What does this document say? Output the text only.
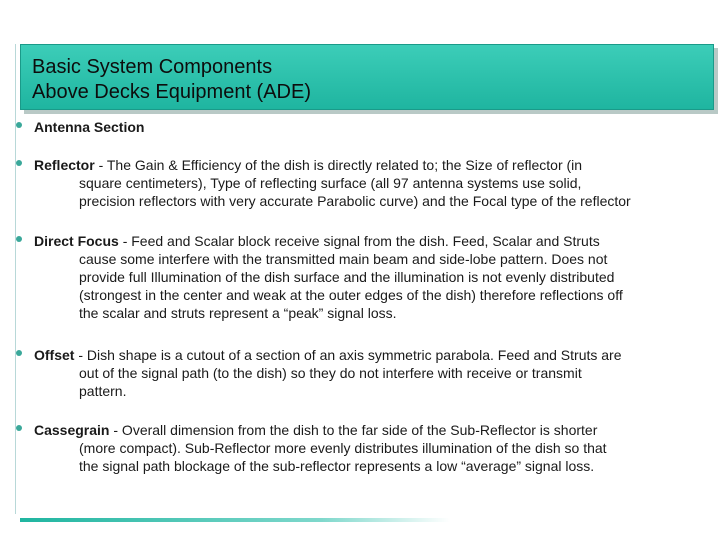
Basic System Components
Above Decks Equipment (ADE)
Antenna Section
Reflector - The Gain & Efficiency of the dish is directly related to; the Size of reflector (in
square centimeters), Type of reflecting surface (all 97 antenna systems use solid,
precision reflectors with very accurate Parabolic curve) and the Focal type of the reflector
Direct Focus - Feed and Scalar block receive signal from the dish. Feed, Scalar and Struts
cause some interfere with the transmitted main beam and side-lobe pattern. Does not
provide full Illumination of the dish surface and the illumination is not evenly distributed
(strongest in the center and weak at the outer edges of the dish) therefore reflections off
the scalar and struts represent a “peak” signal loss.
Offset - Dish shape is a cutout of a section of an axis symmetric parabola. Feed and Struts are
out of the signal path (to the dish) so they do not interfere with receive or transmit
pattern.
Cassegrain - Overall dimension from the dish to the far side of the Sub-Reflector is shorter
(more compact). Sub-Reflector more evenly distributes illumination of the dish so that
the signal path blockage of the sub-reflector represents a low “average” signal loss.
